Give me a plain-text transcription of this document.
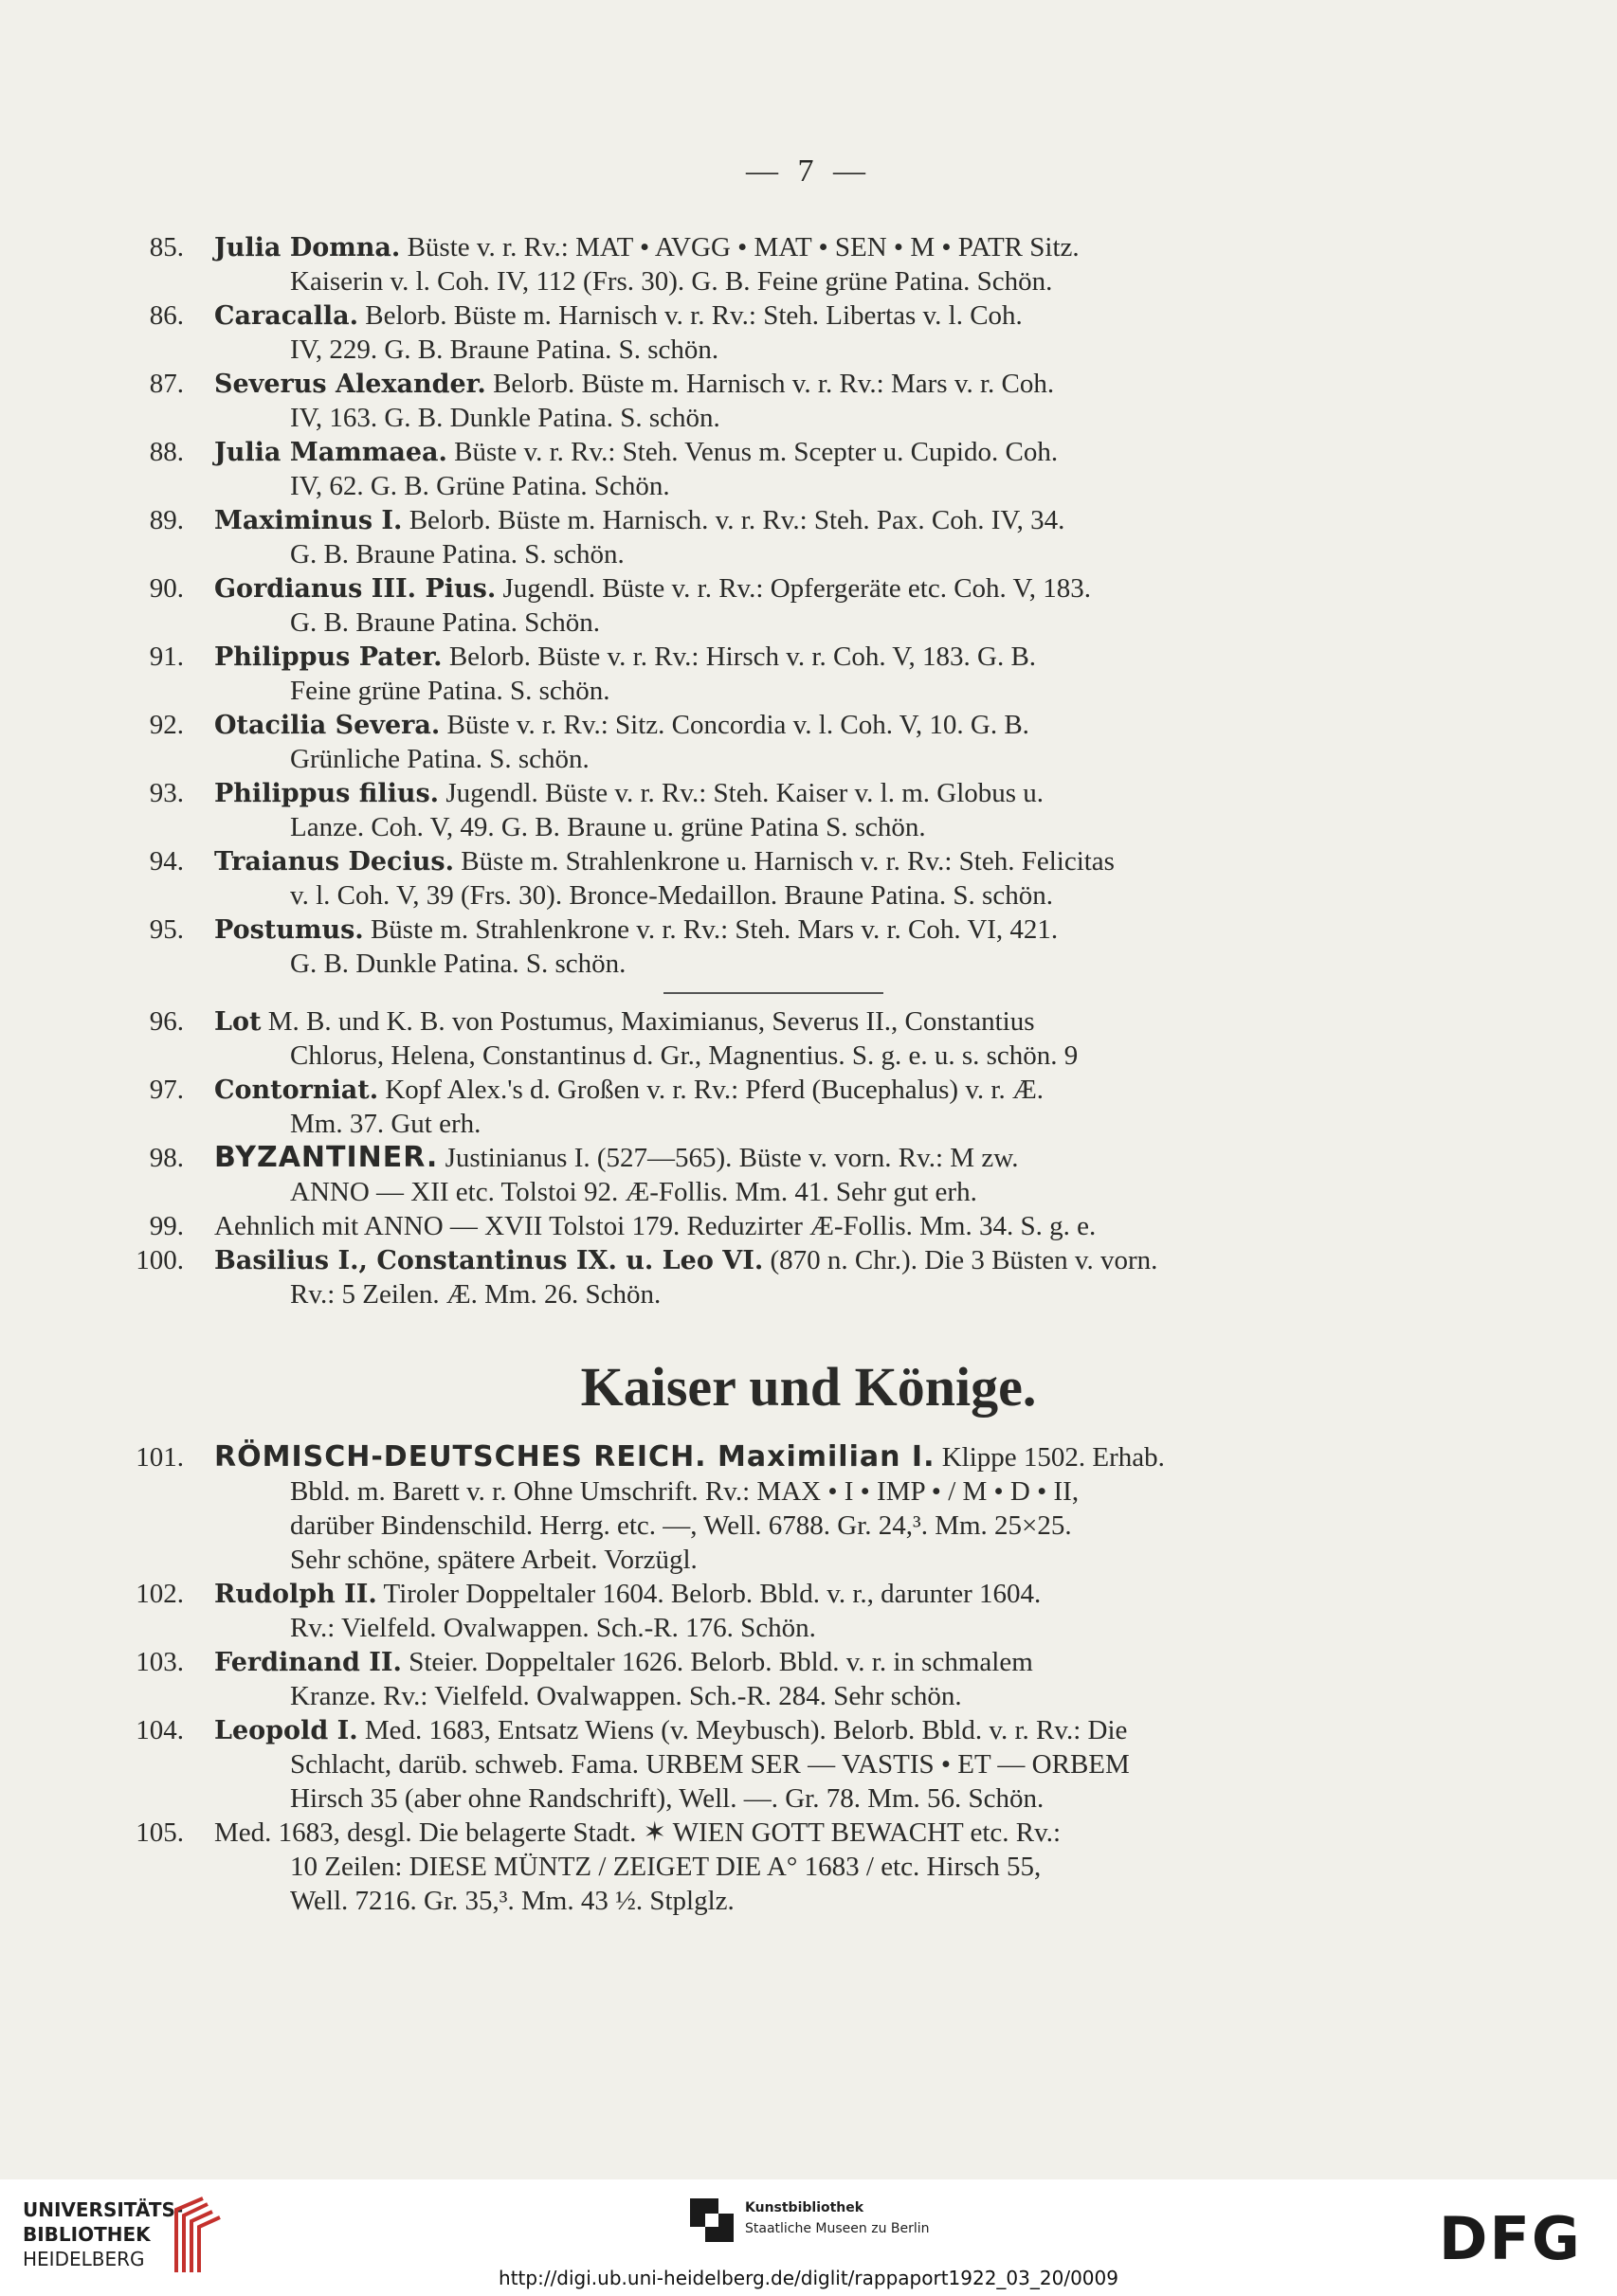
— 7 —
85. Julia Domna. Büste v. r. Rv.: MAT • AVGG • MAT • SEN • M • PATR Sitz.
Kaiserin v. l. Coh. IV, 112 (Frs. 30). G. B. Feine grüne Patina. Schön.
86. Caracalla. Belorb. Büste m. Harnisch v. r. Rv.: Steh. Libertas v. l. Coh.
IV, 229. G. B. Braune Patina. S. schön.
87. Severus Alexander. Belorb. Büste m. Harnisch v. r. Rv.: Mars v. r. Coh.
IV, 163. G. B. Dunkle Patina. S. schön.
88. Julia Mammaea. Büste v. r. Rv.: Steh. Venus m. Scepter u. Cupido. Coh.
IV, 62. G. B. Grüne Patina. Schön.
89. Maximinus I. Belorb. Büste m. Harnisch. v. r. Rv.: Steh. Pax. Coh. IV, 34.
G. B. Braune Patina. S. schön.
90. Gordianus III. Pius. Jugendl. Büste v. r. Rv.: Opfergeräte etc. Coh. V, 183.
G. B. Braune Patina. Schön.
91. Philippus Pater. Belorb. Büste v. r. Rv.: Hirsch v. r. Coh. V, 183. G. B.
Feine grüne Patina. S. schön.
92. Otacilia Severa. Büste v. r. Rv.: Sitz. Concordia v. l. Coh. V, 10. G. B.
Grünliche Patina. S. schön.
93. Philippus filius. Jugendl. Büste v. r. Rv.: Steh. Kaiser v. l. m. Globus u.
Lanze. Coh. V, 49. G. B. Braune u. grüne Patina S. schön.
94. Traianus Decius. Büste m. Strahlenkrone u. Harnisch v. r. Rv.: Steh. Felicitas
v. l. Coh. V, 39 (Frs. 30). Bronce-Medaillon. Braune Patina. S. schön.
95. Postumus. Büste m. Strahlenkrone v. r. Rv.: Steh. Mars v. r. Coh. VI, 421.
G. B. Dunkle Patina. S. schön.
96. Lot M. B. und K. B. von Postumus, Maximianus, Severus II., Constantius
Chlorus, Helena, Constantinus d. Gr., Magnentius. S. g. e. u. s. schön. 9
97. Contorniat. Kopf Alex.'s d. Großen v. r. Rv.: Pferd (Bucephalus) v. r. Æ.
Mm. 37. Gut erh.
98. BYZANTINER. Justinianus I. (527—565). Büste v. vorn. Rv.: M zw.
ANNO — XII etc. Tolstoi 92. Æ-Follis. Mm. 41. Sehr gut erh.
99. Aehnlich mit ANNO — XVII Tolstoi 179. Reduzirter Æ-Follis. Mm. 34. S. g. e.
100. Basilius I., Constantinus IX. u. Leo VI. (870 n. Chr.). Die 3 Büsten v. vorn.
Rv.: 5 Zeilen. Æ. Mm. 26. Schön.
Kaiser und Könige.
101. RÖMISCH-DEUTSCHES REICH. Maximilian I. Klippe 1502. Erhab.
Bbld. m. Barett v. r. Ohne Umschrift. Rv.: MAX • I • IMP • / M • D • II,
darüber Bindenschild. Herrg. etc. —, Well. 6788. Gr. 24,³. Mm. 25×25.
Sehr schöne, spätere Arbeit. Vorzügl.
102. Rudolph II. Tiroler Doppeltaler 1604. Belorb. Bbld. v. r., darunter 1604.
Rv.: Vielfeld. Ovalwappen. Sch.-R. 176. Schön.
103. Ferdinand II. Steier. Doppeltaler 1626. Belorb. Bbld. v. r. in schmalem
Kranze. Rv.: Vielfeld. Ovalwappen. Sch.-R. 284. Sehr schön.
104. Leopold I. Med. 1683, Entsatz Wiens (v. Meybusch). Belorb. Bbld. v. r. Rv.: Die
Schlacht, darüb. schweb. Fama. URBEM SER — VASTIS • ET — ORBEM
Hirsch 35 (aber ohne Randschrift), Well. —. Gr. 78. Mm. 56. Schön.
105. Med. 1683, desgl. Die belagerte Stadt. ✶ WIEN GOTT BEWACHT etc. Rv.:
10 Zeilen: DIESE MÜNTZ / ZEIGET DIE A° 1683 / etc. Hirsch 55,
Well. 7216. Gr. 35,³. Mm. 43 ½. Stplglz.
UNIVERSITÄTS-
BIBLIOTHEK
HEIDELBERG
Kunstbibliothek
Staatliche Museen zu Berlin	DFG
http://digi.ub.uni-heidelberg.de/diglit/rappaport1922_03_20/0009
